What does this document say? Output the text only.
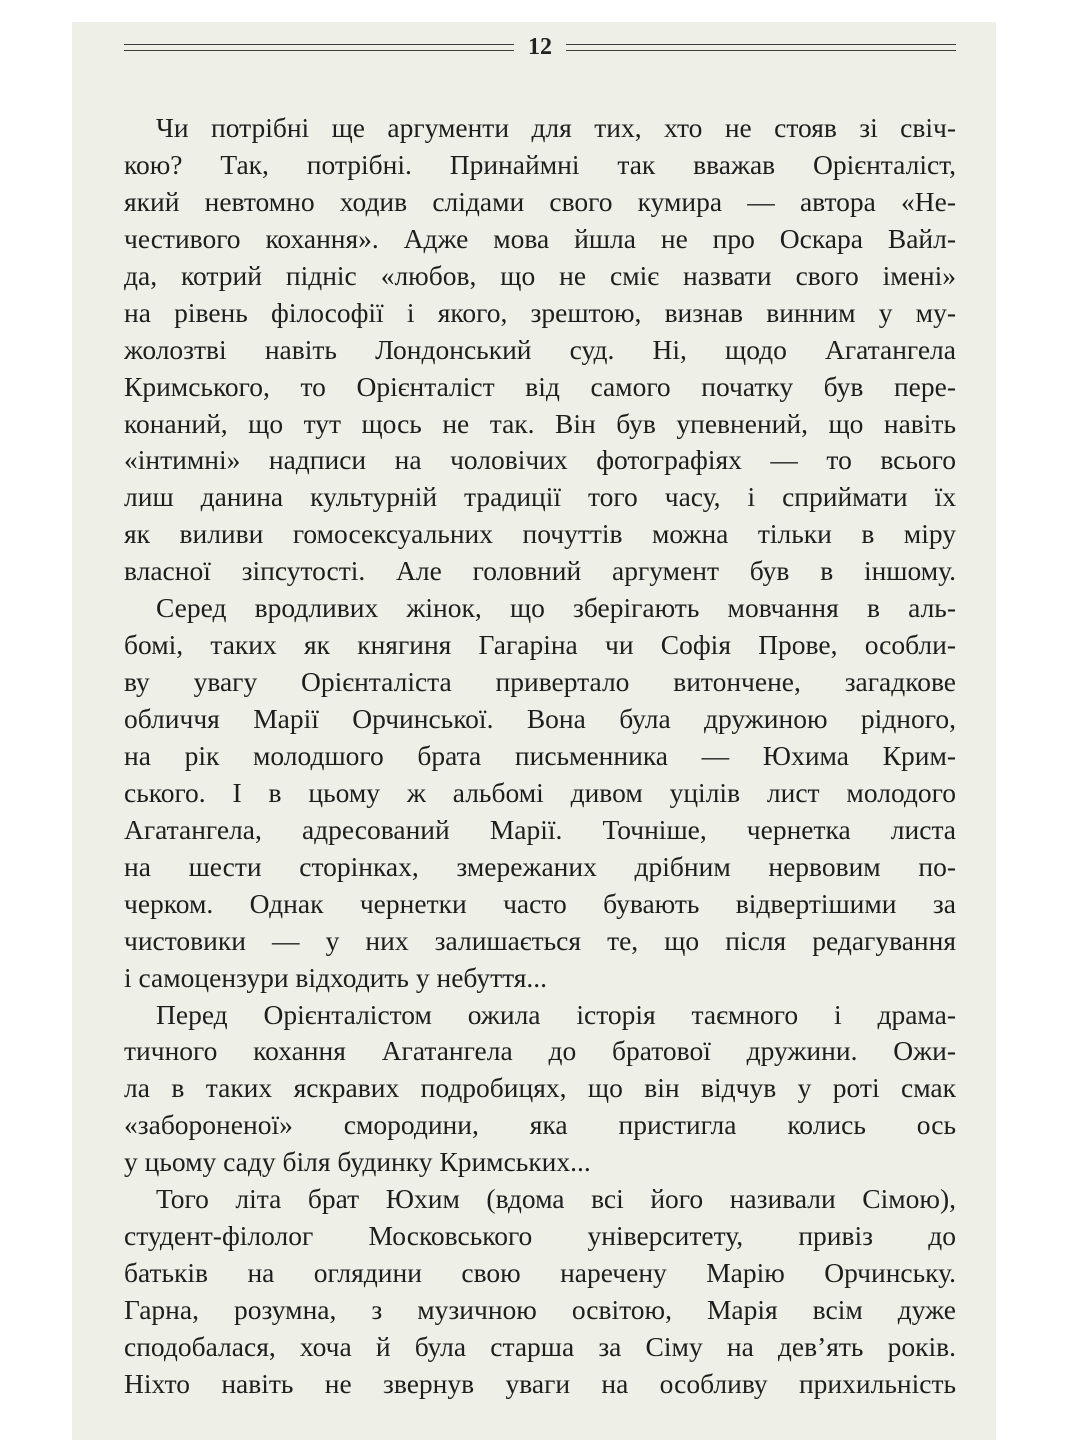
12
Чи потрібні ще аргументи для тих, хто не стояв зі свіч-
кою? Так, потрібні. Принаймні так вважав Орієнталіст,
який невтомно ходив слідами свого кумира — автора «Не-
честивого кохання». Адже мова йшла не про Оскара Вайл-
да, котрий підніс «любов, що не сміє назвати свого імені»
на рівень філософії і якого, зрештою, визнав винним у му-
жолозтві навіть Лондонський суд. Ні, щодо Агатангела
Кримського, то Орієнталіст від самого початку був пере-
конаний, що тут щось не так. Він був упевнений, що навіть
«інтимні» надписи на чоловічих фотографіях — то всього
лиш данина культурній традиції того часу, і сприймати їх
як виливи гомосексуальних почуттів можна тільки в міру
власної зіпсутості. Але головний аргумент був в іншому.
Серед вродливих жінок, що зберігають мовчання в аль-
бомі, таких як княгиня Гагаріна чи Софія Прове, особли-
ву увагу Орієнталіста привертало витончене, загадкове
обличчя Марії Орчинської. Вона була дружиною рідного,
на рік молодшого брата письменника — Юхима Крим-
ського. І в цьому ж альбомі дивом уцілів лист молодого
Агатангела, адресований Марії. Точніше, чернетка листа
на шести сторінках, змережаних дрібним нервовим по-
черком. Однак чернетки часто бувають відвертішими за
чистовики — у них залишається те, що після редагування
і самоцензури відходить у небуття...
Перед Орієнталістом ожила історія таємного і драма-
тичного кохання Агатангела до братової дружини. Ожи-
ла в таких яскравих подробицях, що він відчув у роті смак
«забороненої» смородини, яка пристигла колись ось
у цьому саду біля будинку Кримських...
Того літа брат Юхим (вдома всі його називали Сімою),
студент-філолог Московського університету, привіз до
батьків на оглядини свою наречену Марію Орчинську.
Гарна, розумна, з музичною освітою, Марія всім дуже
сподобалася, хоча й була старша за Сіму на дев’ять років.
Ніхто навіть не звернув уваги на особливу прихильність
